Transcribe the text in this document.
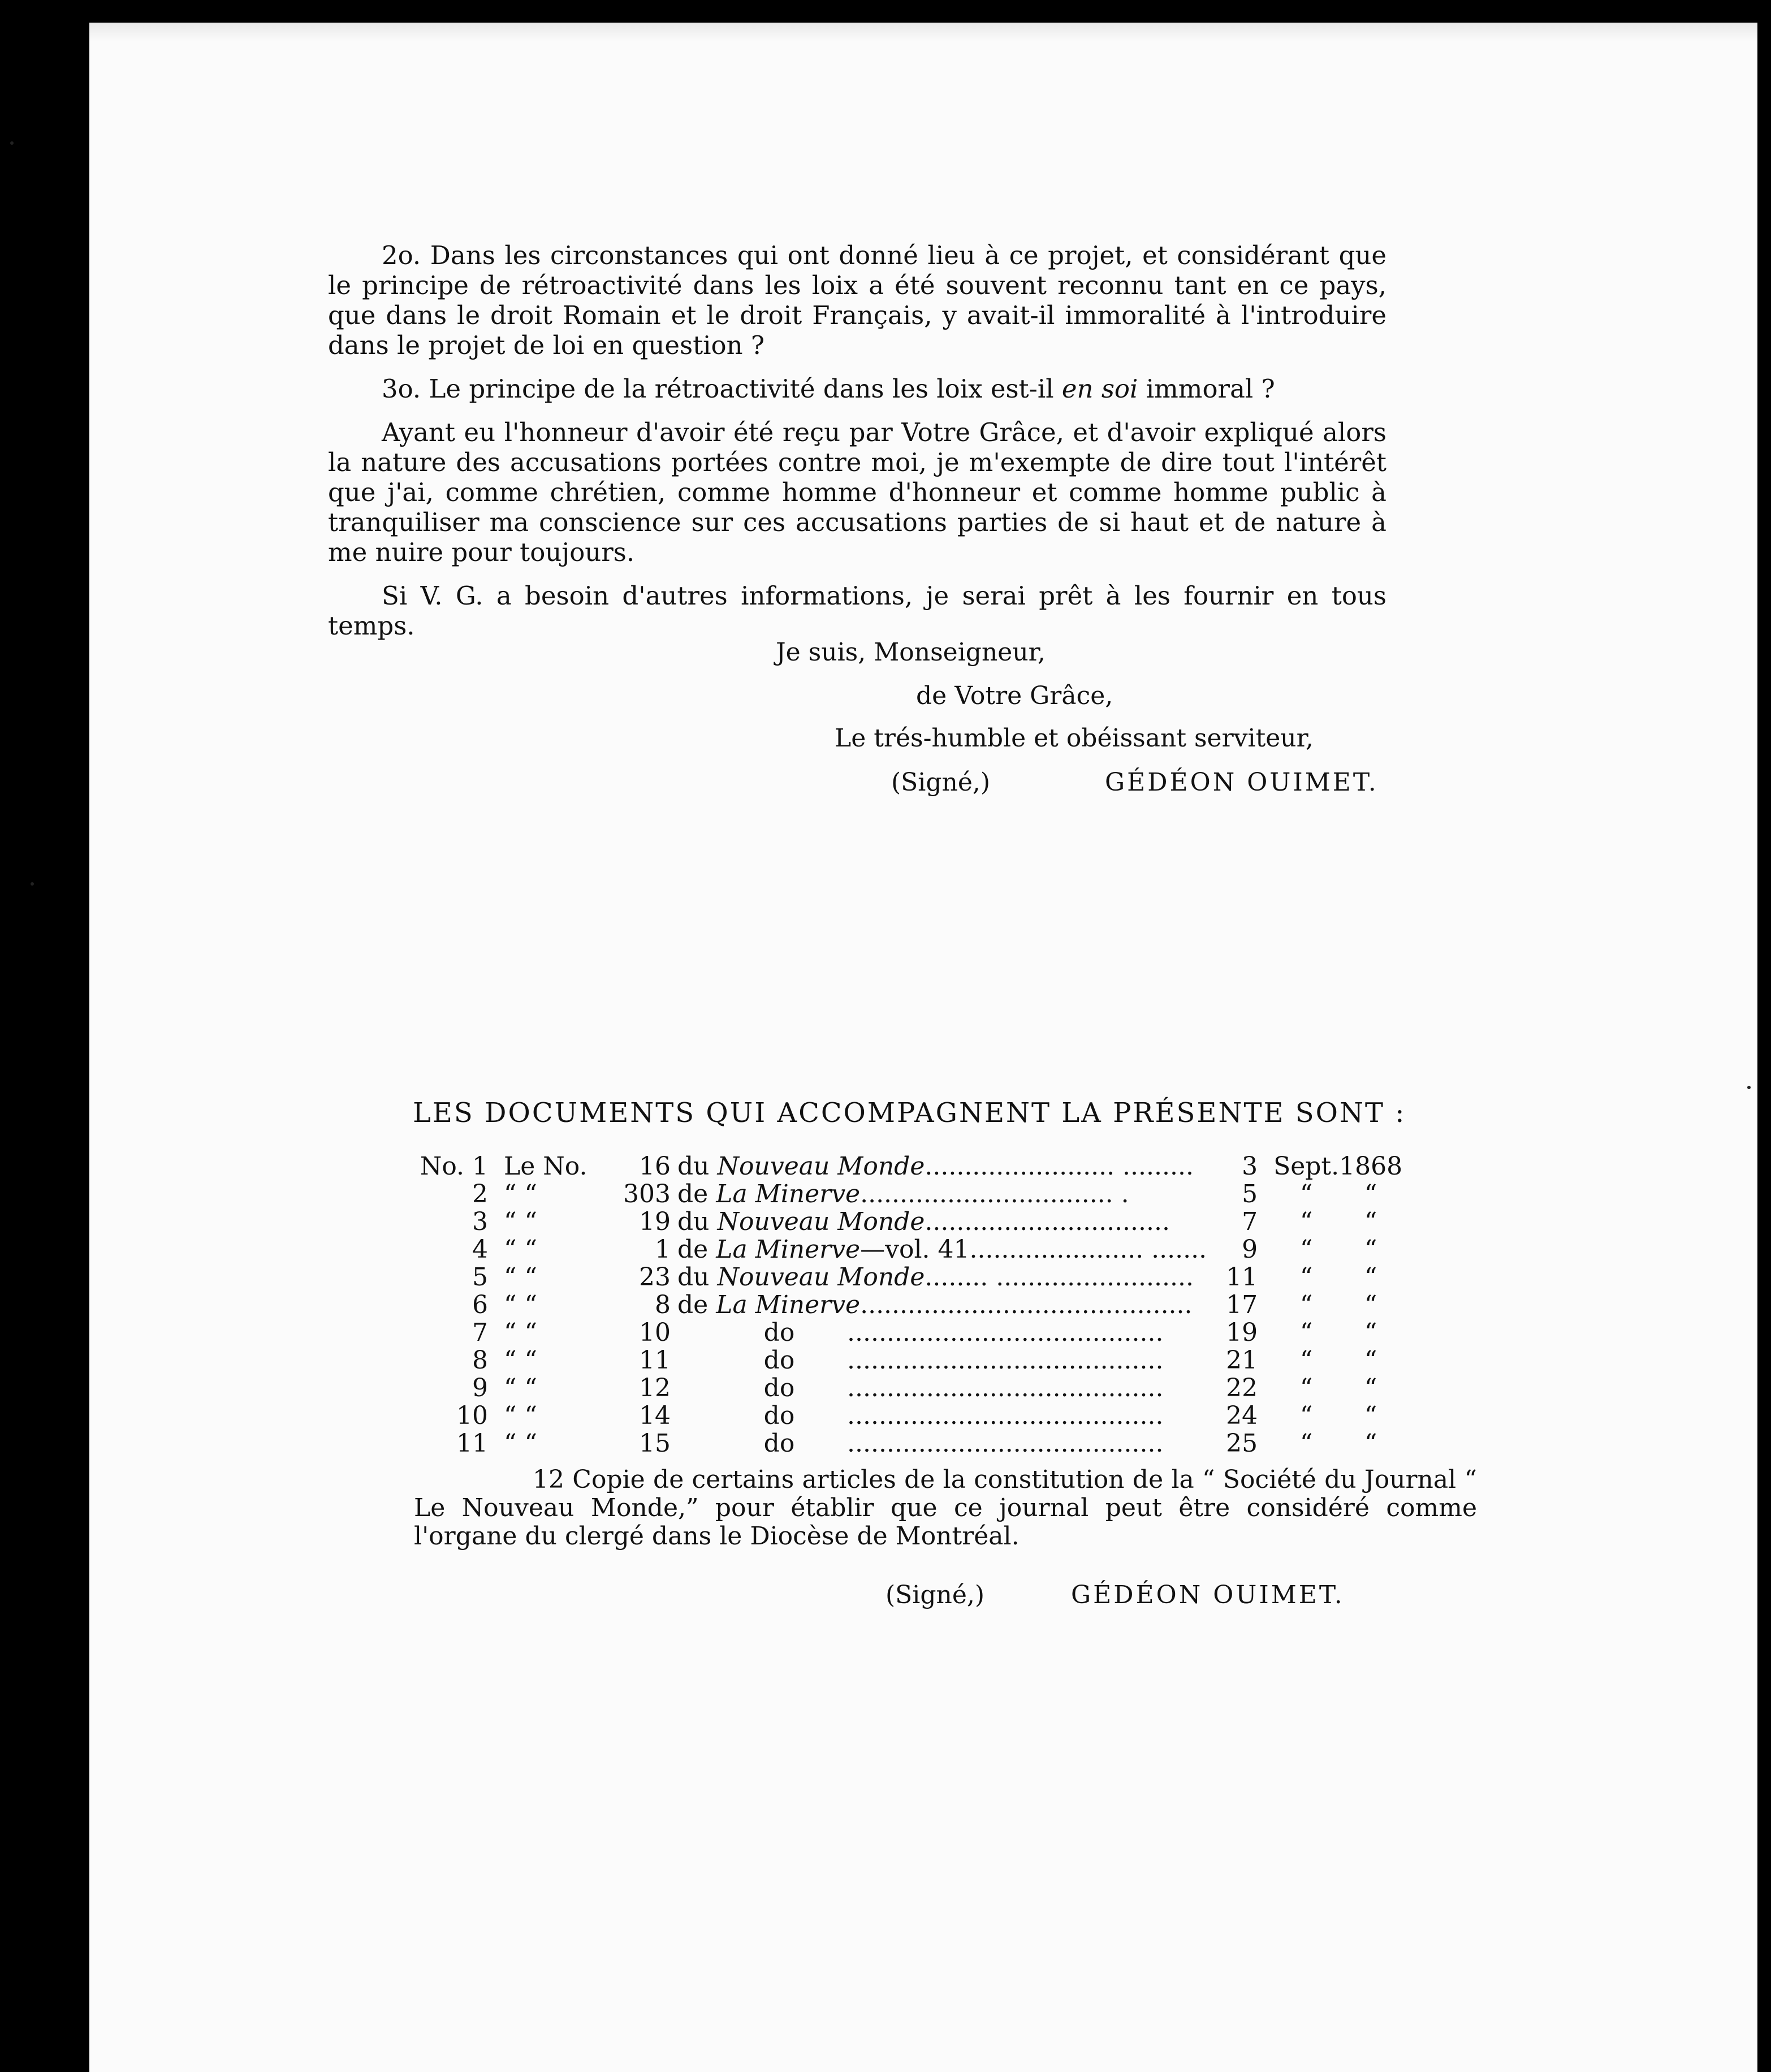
2o. Dans les circonstances qui ont donné lieu à ce projet, et considérant que le principe de rétroactivité dans les loix a été souvent reconnu tant en ce pays, que dans le droit Romain et le droit Français, y avait-il immoralité à l'introduire dans le projet de loi en question ?

3o. Le principe de la rétroactivité dans les loix est-il en soi immoral ?

Ayant eu l'honneur d'avoir été reçu par Votre Grâce, et d'avoir expliqué alors la nature des accusations portées contre moi, je m'exempte de dire tout l'intérêt que j'ai, comme chrétien, comme homme d'honneur et comme homme public à tranquiliser ma conscience sur ces accusations parties de si haut et de nature à me nuire pour toujours.

Si V. G. a besoin d'autres informations, je serai prêt à les fournir en tous temps.

Je suis, Monseigneur,
de Votre Grâce,
Le trés-humble et obéissant serviteur,
(Signé,)	GÉDÉON OUIMET.
LES DOCUMENTS QUI ACCOMPAGNENT LA PRÉSENTE SONT :
No. 1	Le No.	16	du Nouveau Monde........................ .........	3	Sept.	1868
2	“ “	303	de La Minerve................................ .	5	“	“
3	“ “	19	du Nouveau Monde...............................	7	“	“
4	“ “	1	de La Minerve—vol. 41...................... .......	9	“	“
5	“ “	23	du Nouveau Monde........ .........................	11	“	“
6	“ “	8	de La Minerve..........................................	17	“	“
7	“ “	10	do ........................................	19	“	“
8	“ “	11	do ........................................	21	“	“
9	“ “	12	do ........................................	22	“	“
10	“ “	14	do ........................................	24	“	“
11	“ “	15	do ........................................	25	“	“
12 Copie de certains articles de la constitution de la “ Société du Journal “ Le Nouveau Monde,” pour établir que ce journal peut être considéré comme l'organe du clergé dans le Diocèse de Montréal.
(Signé,)	GÉDÉON OUIMET.
